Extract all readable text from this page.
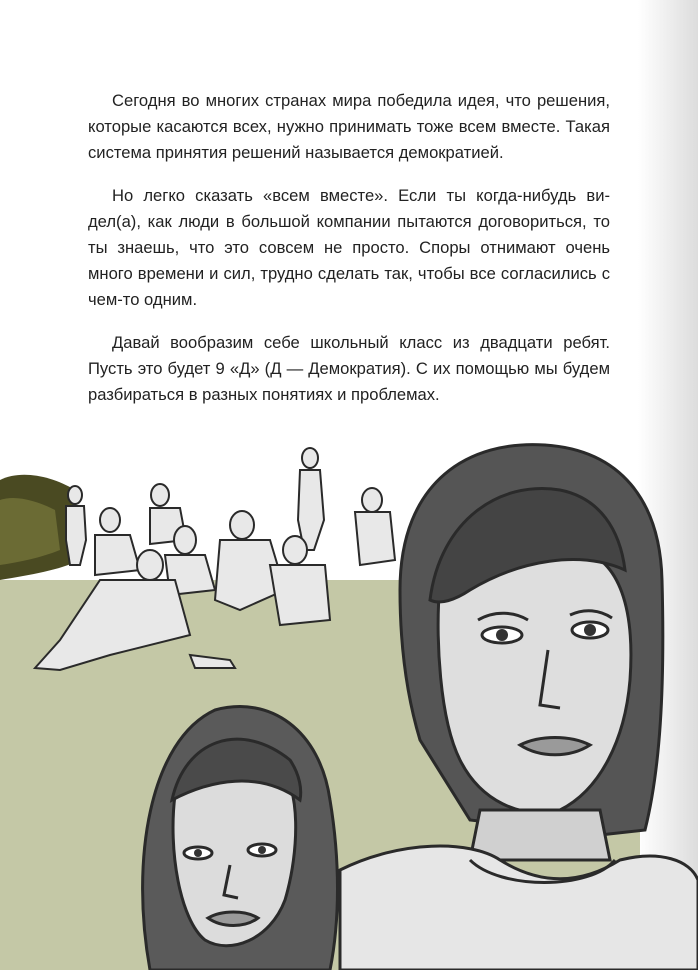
Сегодня во многих странах мира победила идея, что решения, которые касаются всех, нужно принимать тоже всем вместе. Такая система принятия решений называется демократией.

Но легко сказать «всем вместе». Если ты когда-нибудь видел(а), как люди в большой компании пытаются договориться, то ты знаешь, что это совсем не просто. Споры отнимают очень много времени и сил, трудно сделать так, чтобы все согласились с чем-то одним.

Давай вообразим себе школьный класс из двадцати ребят. Пусть это будет 9 «Д» (Д — Демократия). С их помощью мы будем разбираться в разных понятиях и проблемах.
